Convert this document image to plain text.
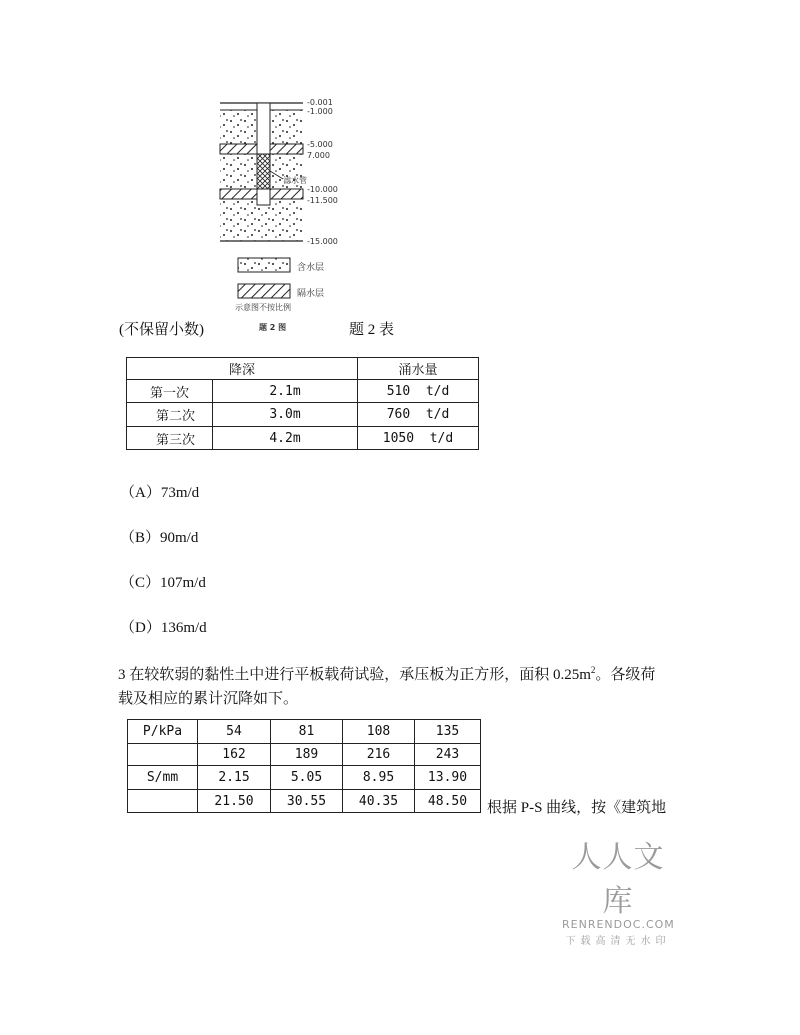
-0.001
-1.000
-5.000
7.000
-10.000
-11.500
-15.000
滤水管
含水层
隔水层
示意图不按比例
题 2 图
(不保留小数)	题 2 表
降深		涌水量
第一次	2.1m	510  t/d
第二次	3.0m	760  t/d
第三次	4.2m	1050  t/d
（A）73m/d
（B）90m/d
（C）107m/d
（D）136m/d
3 在较软弱的黏性土中进行平板载荷试验，承压板为正方形，面积 $0.25m^2$。各级荷
载及相应的累计沉降如下。
P/kPa	54	81	108	135
	162	189	216	243
S/mm	2.15	5.05	8.95	13.90
	21.50	30.55	40.35	48.50 根据 P-S 曲线，按《建筑地
人人文库
RENRENDOC.COM
下载高清无水印
